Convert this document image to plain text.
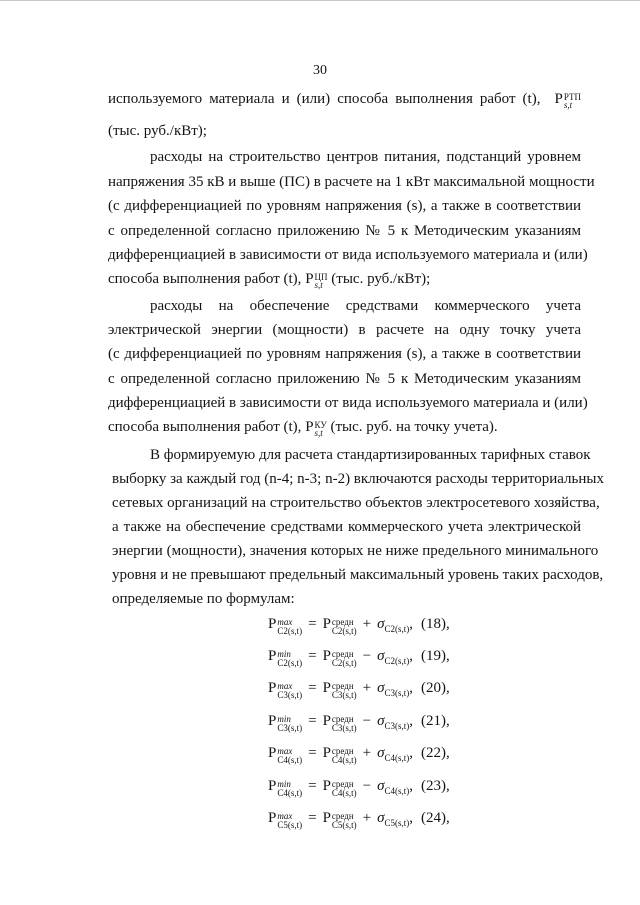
30
используемого материала и (или) способа выполнения работ (t), P РТП
s,t
(тыс. руб./кВт);
расходы на строительство центров питания, подстанций уровнем
напряжения 35 кВ и выше (ПС) в расчете на 1 кВт максимальной мощности
(с дифференциацией по уровням напряжения (s), а также в соответствии
с определенной согласно приложению № 5 к Методическим указаниям
дифференциацией в зависимости от вида используемого материала и (или)
способа выполнения работ (t), P ЦП
s,t (тыс. руб./кВт);
расходы на обеспечение средствами коммерческого учета
электрической энергии (мощности) в расчете на одну точку учета
(с дифференциацией по уровням напряжения (s), а также в соответствии
с определенной согласно приложению № 5 к Методическим указаниям
дифференциацией в зависимости от вида используемого материала и (или)
способа выполнения работ (t), P КУ
s,t (тыс. руб. на точку учета).
В формируемую для расчета стандартизированных тарифных ставок
выборку за каждый год (n-4; n-3; n-2) включаются расходы территориальных
сетевых организаций на строительство объектов электросетевого хозяйства,
а также на обеспечение средствами коммерческого учета электрической
энергии (мощности), значения которых не ниже предельного минимального
уровня и не превышают предельный максимальный уровень таких расходов,
определяемые по формулам:
P max
C2(s,t) = P средн
$C2(s,t) + \sigma_{C2(s,t)}$, (18),
P min
C2(s,t) = P средн
$C2(s,t) - \sigma_{C2(s,t)}$, (19),
P max
C3(s,t) = P средн
$C3(s,t) + \sigma_{C3(s,t)}$, (20),
P min
C3(s,t) = P средн
$C3(s,t) - \sigma_{C3(s,t)}$, (21),
P max
C4(s,t) = P средн
$C4(s,t) + \sigma_{C4(s,t)}$, (22),
P min
C4(s,t) = P средн
$C4(s,t) - \sigma_{C4(s,t)}$, (23),
P max
C5(s,t) = P средн
$C5(s,t) + \sigma_{C5(s,t)}$, (24),
